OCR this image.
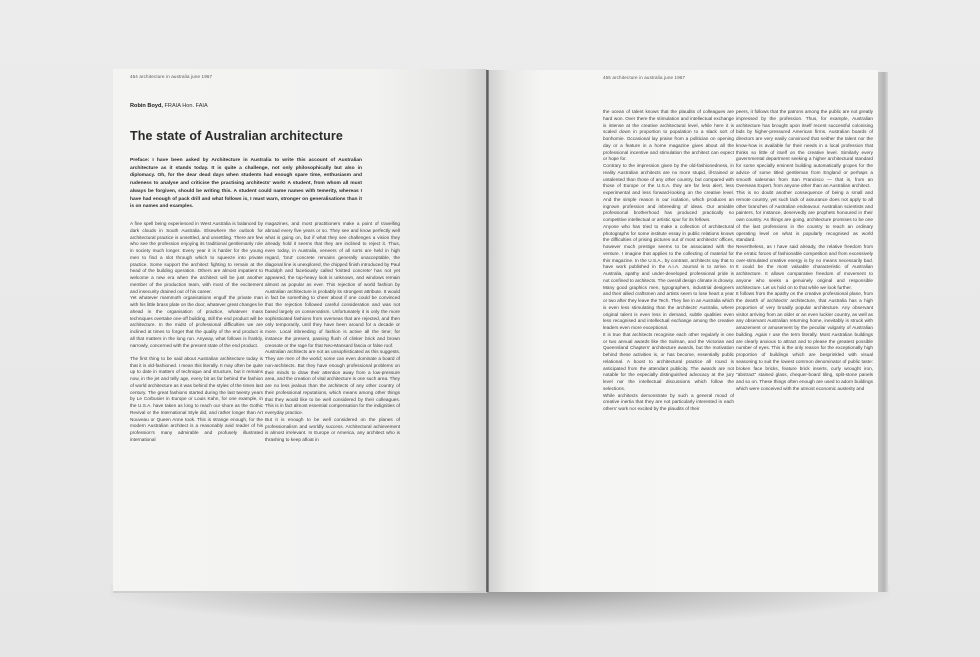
454 architecture in australia june 1967
Robin Boyd, FRAIA Hon. FAIA
The state of Australian architecture
Preface: I have been asked by Architecture in Australia to write this account of Australian architecture as it stands today. It is quite a challenge, not only philosophically but also in diplomacy. Oh, for the dear dead days when students had enough spare time, enthusiasm and rudeness to analyse and criticise the practising architects' work! A student, from whom all must always be forgiven, should be writing this. A student could name names with temerity, whereas I have had enough of pack drill and what follows is, I must warn, stronger on generalisations than it is on names and examples.

A fine spell being experienced in West Australia is balanced by dark clouds in South Australia. Elsewhere the outlook for architectural practice is unsettled, and unsettling. There are few who see the profession enjoying its traditional gentlemanly role in society much longer. Every year it is harder for the young men to find a slot through which to squeeze into private practice. Some support the architect fighting to remain at the head of the building operation. Others are almost impatient to welcome a new era when the architect will be just another member of the production team, with most of the excitement and insecurity drained out of his career.

Yet whatever mammoth organisations engulf the private man with his little brass plate on the door, whatever great changes lie ahead in the organisation of practice, whatever mass techniques overtake one-off building, still the end product will be architecture. In the midst of professional difficulties we are inclined at times to forget that the quality of the end product is all that matters in the long run. Anyway, what follows is frankly, narrowly, concerned with the present state of the end product.

The first thing to be said about Australian architecture today is that it is old-fashioned. I mean this literally. It may often be quite up to date in matters of technique and structure, but it remains now, in the jet and telly age, every bit as far behind the fashion of world architecture as it was behind the styles of the times last century. The great fashions started during the last twenty years by Le Corbusier in Europe or Louis Kahn, for one example, in the U.S.A. have taken as long to reach our shore as the Gothic Revival or the International Style did, and rather longer than Art Nouveau or Queen Anne took. This is strange enough, for the modern Australian architect is a reasonably avid reader of his profession's many admirable and profusely illustrated international

magazines, and most practitioners make a point of travelling abroad every five years or so. They see and know perfectly well what is going on, but if what they see challenges a vision they already hold it seems that they are inclined to reject it. Thus, even today, in Australia, veneers of all sorts are held in high regard, 'brut' concrete remains generally unacceptable, the diagonal line is unexplored, the chipped finish introduced by Paul Rudolph and facetiously called 'knitted concrete' has not yet appeared, the top-heavy look is unknown, and windows remain almost as popular as ever. This rejection of world fashion by Australian architecture is probably its strongest attribute. It would in fact be something to cheer about if one could be convinced that the rejection followed careful consideration and was not based largely on conservatism. Unfortunately it is only the more sophisticated fashions from overseas that are rejected, and then only temporarily, until they have been around for a decade or more. Local inbreeding of fashion is active all the time; for instance the present, passing flush of clinker brick and brown creosote or the rage for that Neo-Mansard fascia or false roof.

Australian architects are not as unsophisticated as this suggests. They are men of the world; some can even dominate a board of non-architects. But they have enough professional problems on their minds to draw their attention away from a low-pressure area, and the creation of vital architecture is one such area. They are no less jealous than the architects of any other country of their professional reputations, which means among other things that they would like to be well considered by their colleagues. This is in fact almost essential compensation for the indignities of everyday practice.

But it is enough to be well considered on the planes of professionalism and worldly success. Architectural achievement is almost irrelevant. In Europe or America, any architect who is thrashing to keep afloat in

455 architecture in australia june 1967

the ocean of talent knows that the plaudits of colleagues are hard won. Over there the stimulation and intellectual exchange is intense at the creative architectural level, while here it is scaled down in proportion to population to a slack sort of bonhomie. Occasional lay praise from a politician on opening day or a feature in a home magazine gives about all the professional incentive and stimulation the architect can expect or hope for.

Contrary to the impression given by the old-fashionedness, in reality Australian architects are no more stupid, ill-trained or untalented than those of any other country, but compared with those of Europe or the U.S.A. they are far less alert, less experimental and less forward-looking on the creative level. And the simple reason is our isolation, which produces an ingrown profession and inbreeding of ideas. Our amiable professional brotherhood has produced practically no competitive intellectual or artistic spur for its fellows.

Anyone who has tried to make a collection of architectural photographs for some institute essay in public relations knows the difficulties of prising pictures out of most architects' offices, however much prestige seems to be associated with the venture. I imagine that applies to the collecting of material for this magazine. In the U.S.A., by contrast, architects say that to have work published in the A.I.A. Journal is to arrive. In Australia, apathy and under-developed professional pride is not confined to architects. The overall design climate is drowsy. Many good graphics men, typographers, industrial designers and their allied craftsmen and artists seem to lose heart a year or two after they leave the Tech. They live in an Australia which is even less stimulating than the architects' Australia, where original talent is even less in demand, subtle qualities even less recognised and intellectual exchange among the creative leaders even more exceptional.

It is true that architects recognise each other regularly in one or two annual awards like the Sulman, and the Victorian and Queensland Chapters' architecture awards, but the motivation behind these activities is, or has become, essentially public relational. A boost to architectural practice all round is anticipated from the attendant publicity. The awards are not notable for the especially distinguished advocacy at the jury level nor the intellectual discussions which follow the selections.

While architects demonstrate by such a general mood of creative inertia that they are not particularly interested in each others' work nor excited by the plaudits of their

peers, it follows that the patrons among the public are not greatly impressed by the profession. Thus, for example, Australian architecture has brought upon itself recent successful colonising bids by higher-pressured American firms. Australian boards of directors are very easily convinced that neither the talent nor the know-how is available for their needs in a local profession that thinks so little of itself on the creative level. Similarly every governmental department seeking a higher architectural standard for some specially eminent building automatically gropes for the advice of some titled gentleman from England or perhaps a smooth salesman from San Francisco — that is, from an Overseas Expert, from anyone other than an Australian architect.

This is no doubt another consequence of being a small and remote country, yet such lack of assurance does not apply to all other branches of Australian endeavour. Australian scientists and painters, for instance, deservedly are prophets honoured in their own country. As things are going, architecture promises to be one of the last professions in the country to reach an ordinary operating level on what is popularly recognised as world standard.

Nevertheless, as I have said already, the relative freedom from the erratic forces of fashionable competition and from excessively over-stimulated creative energy is by no means necessarily bad. It could be the most valuable characteristic of Australian architecture. It allows comparative freedom of movement to anyone who seeks a genuinely original and responsible architecture. Let us hold on to that while we look further.

It follows from the apathy on the creative professional plane, from the dearth of architects' architecture, that Australia has a high proportion of very broadly popular architecture. Any observant visitor arriving from an older or an even luckier country, as well as any observant Australian returning home, inevitably is struck with amazement or amusement by the peculiar vulgarity of Australian building. Again I use the term literally. Most Australian buildings are clearly anxious to attract and to please the greatest possible number of eyes. This is the only reason for the exceptionally high proportion of buildings which are besprinkled with visual seasoning to suit the lowest common denominator of public taste: broken face bricks, feature brick inserts, curly wrought iron, ''abstract'' stained glass, chequer-board tiling, split-stone panels and so on. These things often enough are used to adorn buildings which were conceived with the utmost economic austerity and
